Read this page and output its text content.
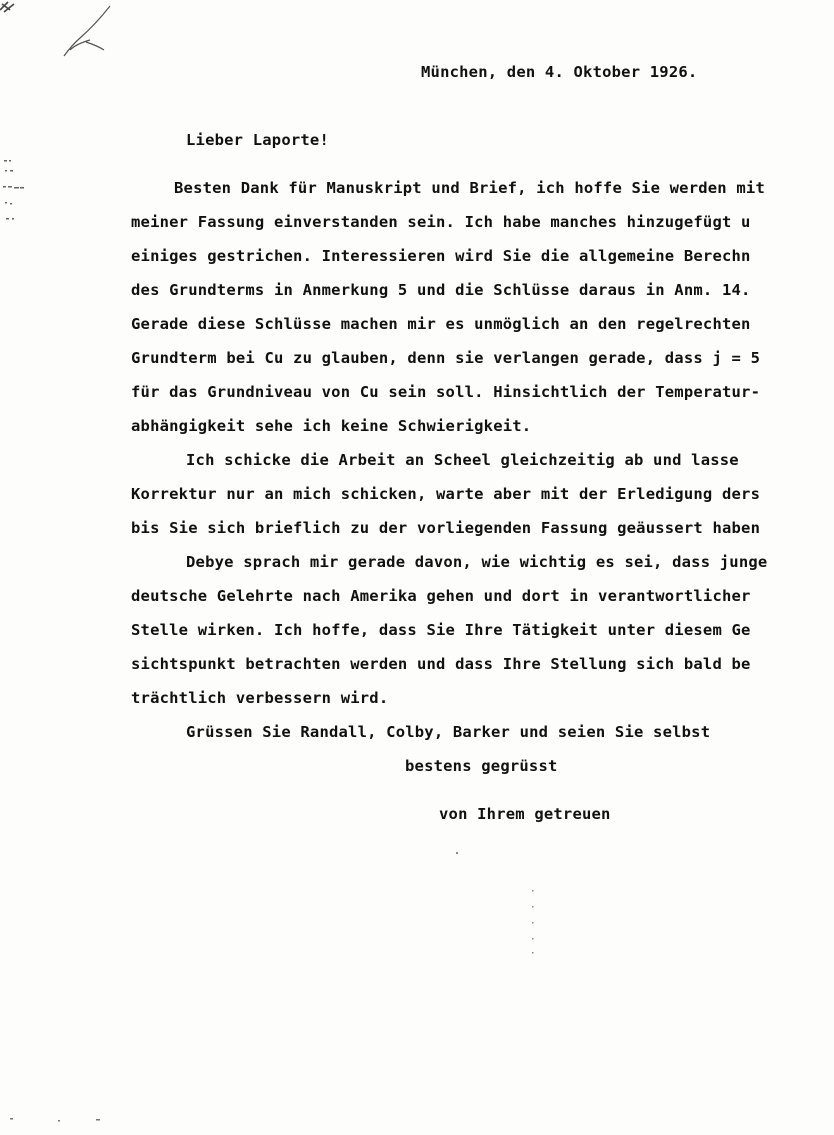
München, den 4. Oktober 1926.
Lieber Laporte!
Besten Dank für Manuskript und Brief, ich hoffe Sie werden mit
meiner Fassung einverstanden sein. Ich habe manches hinzugefügt u
einiges gestrichen. Interessieren wird Sie die allgemeine Berechn
des Grundterms in Anmerkung 5 und die Schlüsse daraus in Anm. 14.
Gerade diese Schlüsse machen mir es unmöglich an den regelrechten
Grundterm bei Cu zu glauben, denn sie verlangen gerade, dass j = 5
für das Grundniveau von Cu sein soll. Hinsichtlich der Temperatur-
abhängigkeit sehe ich keine Schwierigkeit.
Ich schicke die Arbeit an Scheel gleichzeitig ab und lasse
Korrektur nur an mich schicken, warte aber mit der Erledigung ders
bis Sie sich brieflich zu der vorliegenden Fassung geäussert haben
Debye sprach mir gerade davon, wie wichtig es sei, dass junge
deutsche Gelehrte nach Amerika gehen und dort in verantwortlicher
Stelle wirken. Ich hoffe, dass Sie Ihre Tätigkeit unter diesem Ge
sichtspunkt betrachten werden und dass Ihre Stellung sich bald be
trächtlich verbessern wird.
Grüssen Sie Randall, Colby, Barker und seien Sie selbst
bestens gegrüsst
von Ihrem getreuen
